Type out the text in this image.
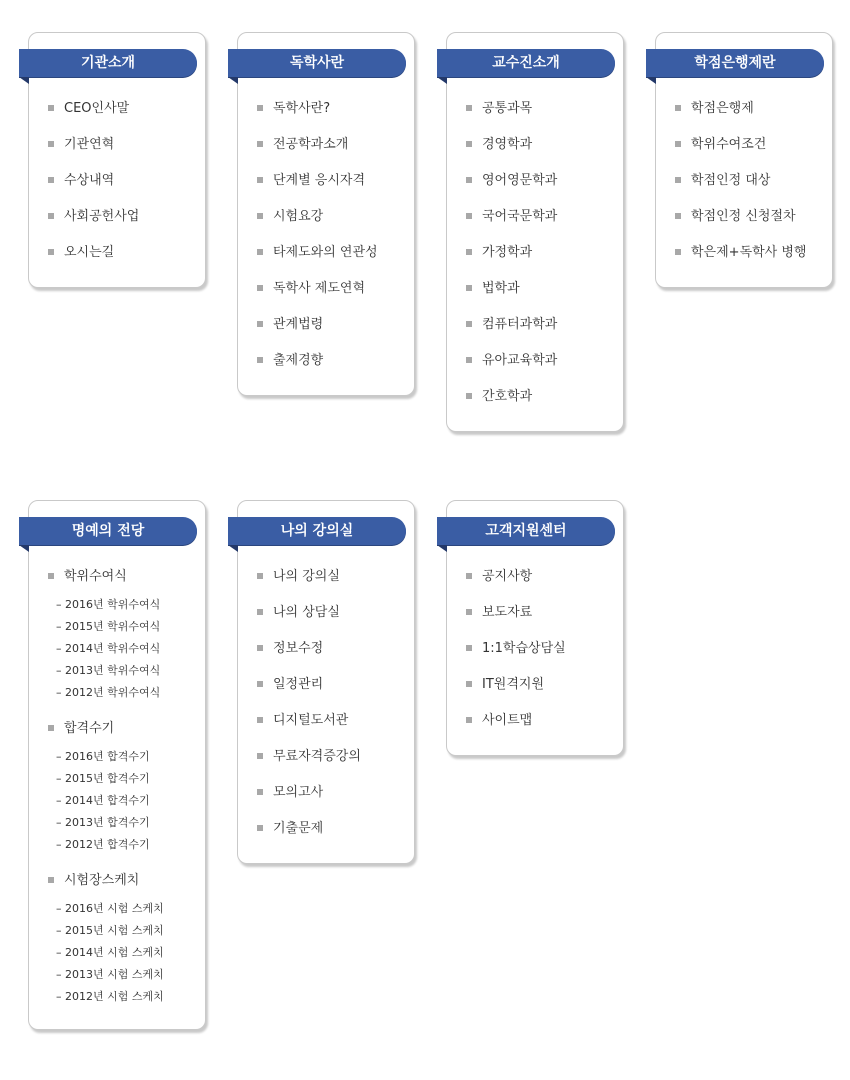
기관소개
CEO인사말
기관연혁
수상내역
사회공헌사업
오시는길
독학사란
독학사란?
전공학과소개
단계별 응시자격
시험요강
타제도와의 연관성
독학사 제도연혁
관계법령
출제경향
교수진소개
공통과목
경영학과
영어영문학과
국어국문학과
가정학과
법학과
컴퓨터과학과
유아교육학과
간호학과
학점은행제란
학점은행제
학위수여조건
학점인정 대상
학점인정 신청절차
학은제+독학사 병행
명예의 전당
학위수여식
– 2016년 학위수여식
– 2015년 학위수여식
– 2014년 학위수여식
– 2013년 학위수여식
– 2012년 학위수여식
합격수기
– 2016년 합격수기
– 2015년 합격수기
– 2014년 합격수기
– 2013년 합격수기
– 2012년 합격수기
시험장스케치
– 2016년 시험 스케치
– 2015년 시험 스케치
– 2014년 시험 스케치
– 2013년 시험 스케치
– 2012년 시험 스케치
나의 강의실
나의 강의실
나의 상담실
정보수정
일정관리
디지털도서관
무료자격증강의
모의고사
기출문제
고객지원센터
공지사항
보도자료
1:1학습상담실
IT원격지원
사이트맵
